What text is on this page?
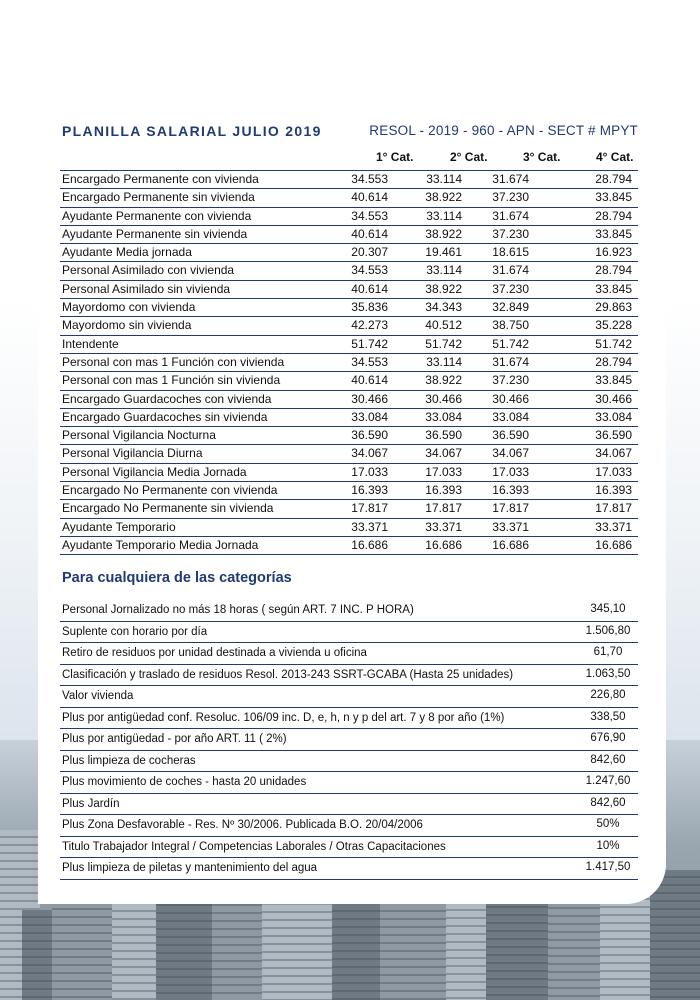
PLANILLA SALARIAL JULIO 2019	RESOL - 2019 - 960 - APN - SECT # MPYT
1° Cat.	2° Cat.	3° Cat.	4° Cat.
Encargado Permanente con vivienda	34.553	33.114	31.674	28.794
Encargado Permanente sin vivienda	40.614	38.922	37.230	33.845
Ayudante Permanente con vivienda	34.553	33.114	31.674	28.794
Ayudante Permanente sin vivienda	40.614	38.922	37.230	33.845
Ayudante Media jornada	20.307	19.461	18.615	16.923
Personal Asimilado con vivienda	34.553	33.114	31.674	28.794
Personal Asimilado sin vivienda	40.614	38.922	37.230	33.845
Mayordomo con vivienda	35.836	34.343	32.849	29.863
Mayordomo sin vivienda	42.273	40.512	38.750	35.228
Intendente	51.742	51.742	51.742	51.742
Personal con mas 1 Función con vivienda	34.553	33.114	31.674	28.794
Personal con mas 1 Función sin vivienda	40.614	38.922	37.230	33.845
Encargado Guardacoches con vivienda	30.466	30.466	30.466	30.466
Encargado Guardacoches sin vivienda	33.084	33.084	33.084	33.084
Personal Vigilancia Nocturna	36.590	36.590	36.590	36.590
Personal Vigilancia Diurna	34.067	34.067	34.067	34.067
Personal Vigilancia Media Jornada	17.033	17.033	17.033	17.033
Encargado No Permanente con vivienda	16.393	16.393	16.393	16.393
Encargado No Permanente sin vivienda	17.817	17.817	17.817	17.817
Ayudante Temporario	33.371	33.371	33.371	33.371
Ayudante Temporario Media Jornada	16.686	16.686	16.686	16.686
Para cualquiera de las categorías
Personal Jornalizado no más 18 horas ( según ART. 7 INC. P HORA)	345,10
Suplente con horario por día	1.506,80
Retiro de residuos por unidad destinada a vivienda u oficina	61,70
Clasificación y traslado de residuos Resol. 2013-243 SSRT-GCABA (Hasta 25 unidades)	1.063,50
Valor vivienda	226,80
Plus por antigüedad conf. Resoluc. 106/09 inc. D, e, h, n y p del art. 7 y 8 por año (1%)	338,50
Plus por antigüedad - por año ART. 11 ( 2%)	676,90
Plus limpieza de cocheras	842,60
Plus movimiento de coches - hasta 20 unidades	1.247,60
Plus Jardín	842,60
Plus Zona Desfavorable - Res. Nº 30/2006. Publicada B.O. 20/04/2006	50%
Titulo Trabajador Integral / Competencias Laborales / Otras Capacitaciones	10%
Plus limpieza de piletas y mantenimiento del agua	1.417,50
